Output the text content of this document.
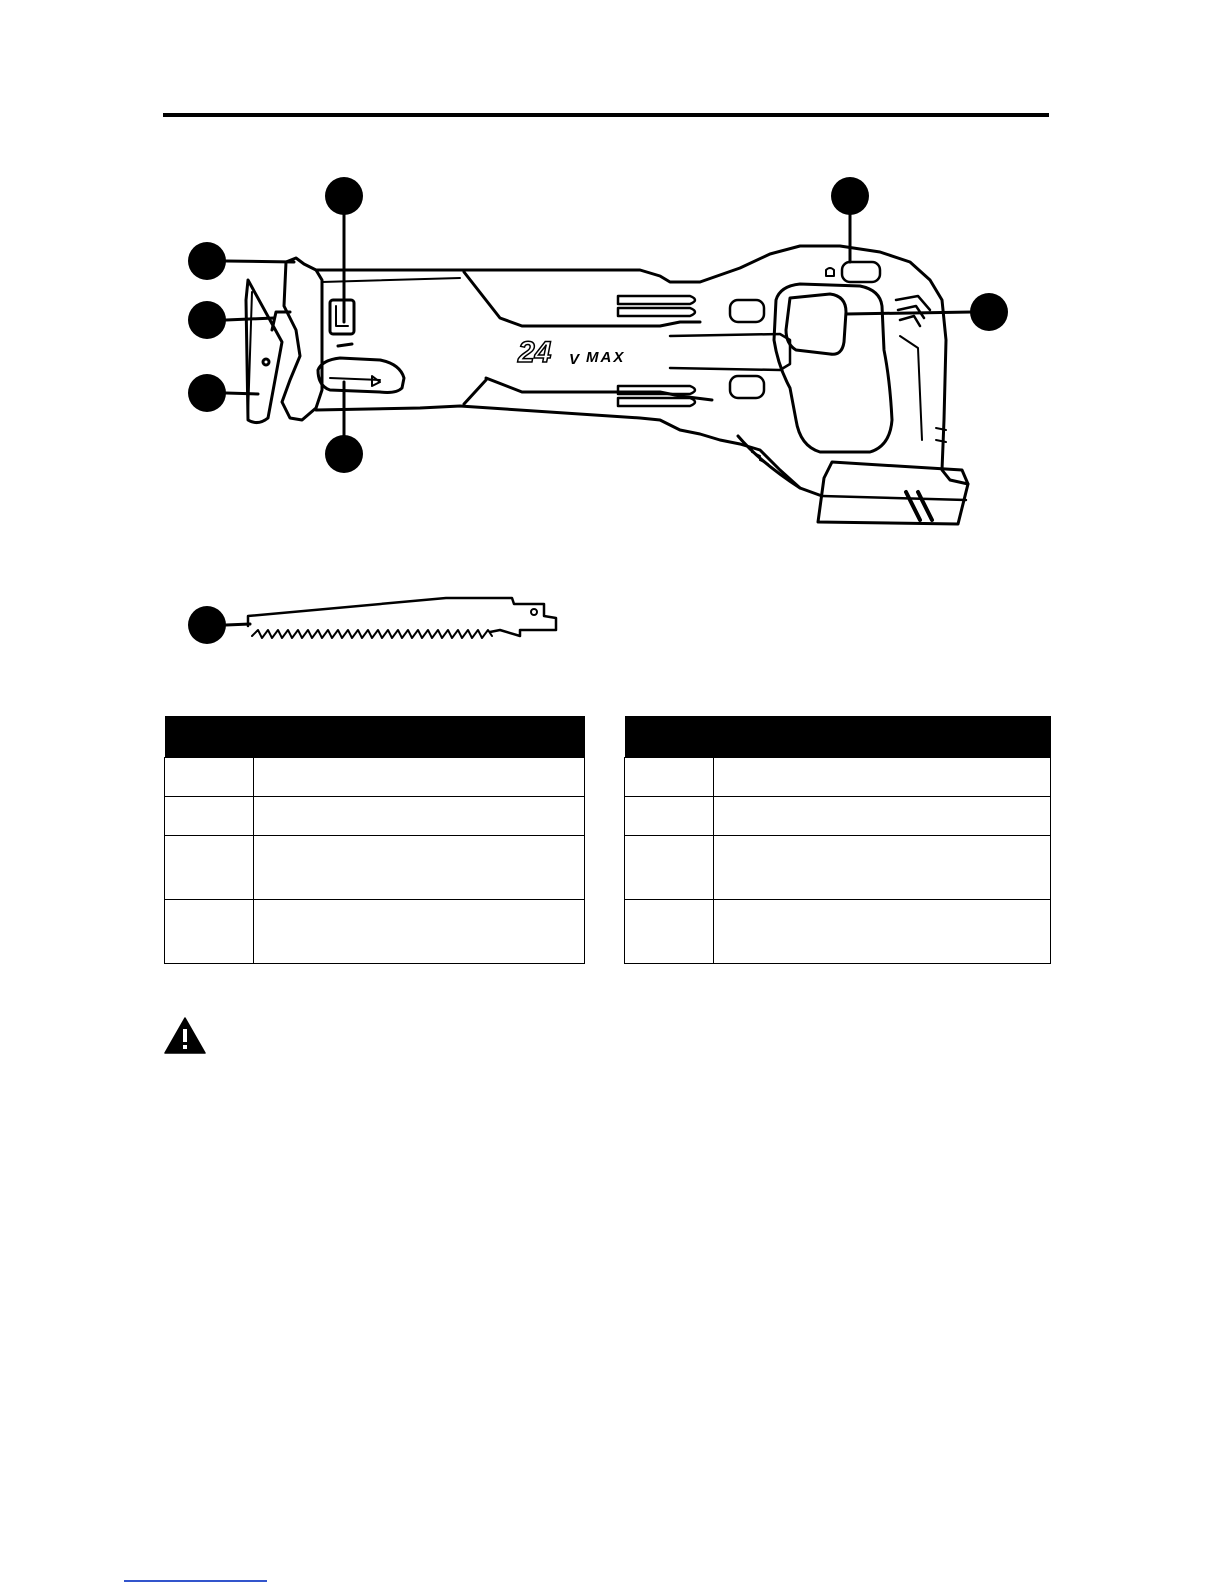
24 V MAX
